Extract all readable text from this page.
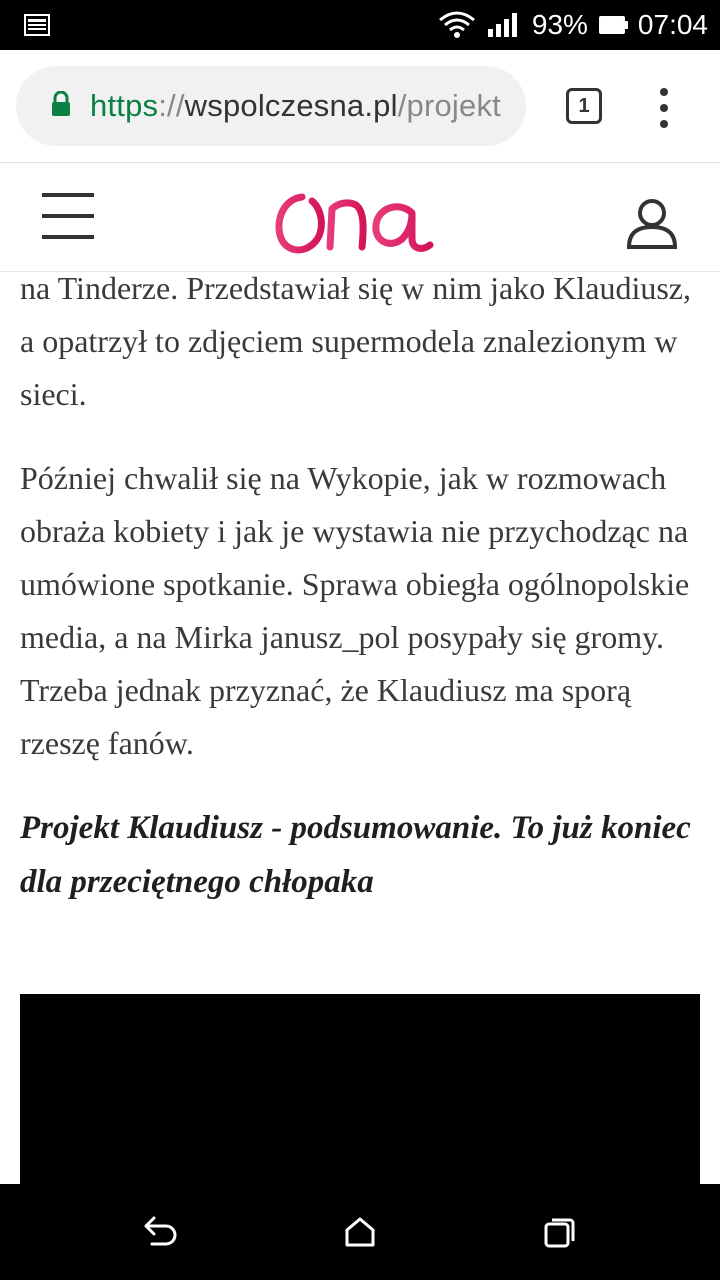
93% 07:04
https://wspolczesna.pl/projekt	1

na Tinderze. Przedstawiał się w nim jako Klaudiusz, a opatrzył to zdjęciem supermodela znalezionym w sieci.

Później chwalił się na Wykopie, jak w rozmowach obraża kobiety i jak je wystawia nie przychodząc na umówione spotkanie. Sprawa obiegła ogólnopolskie media, a na Mirka janusz_pol posypały się gromy. Trzeba jednak przyznać, że Klaudiusz ma sporą rzeszę fanów.

Projekt Klaudiusz - podsumowanie. To już koniec dla przeciętnego chłopaka
